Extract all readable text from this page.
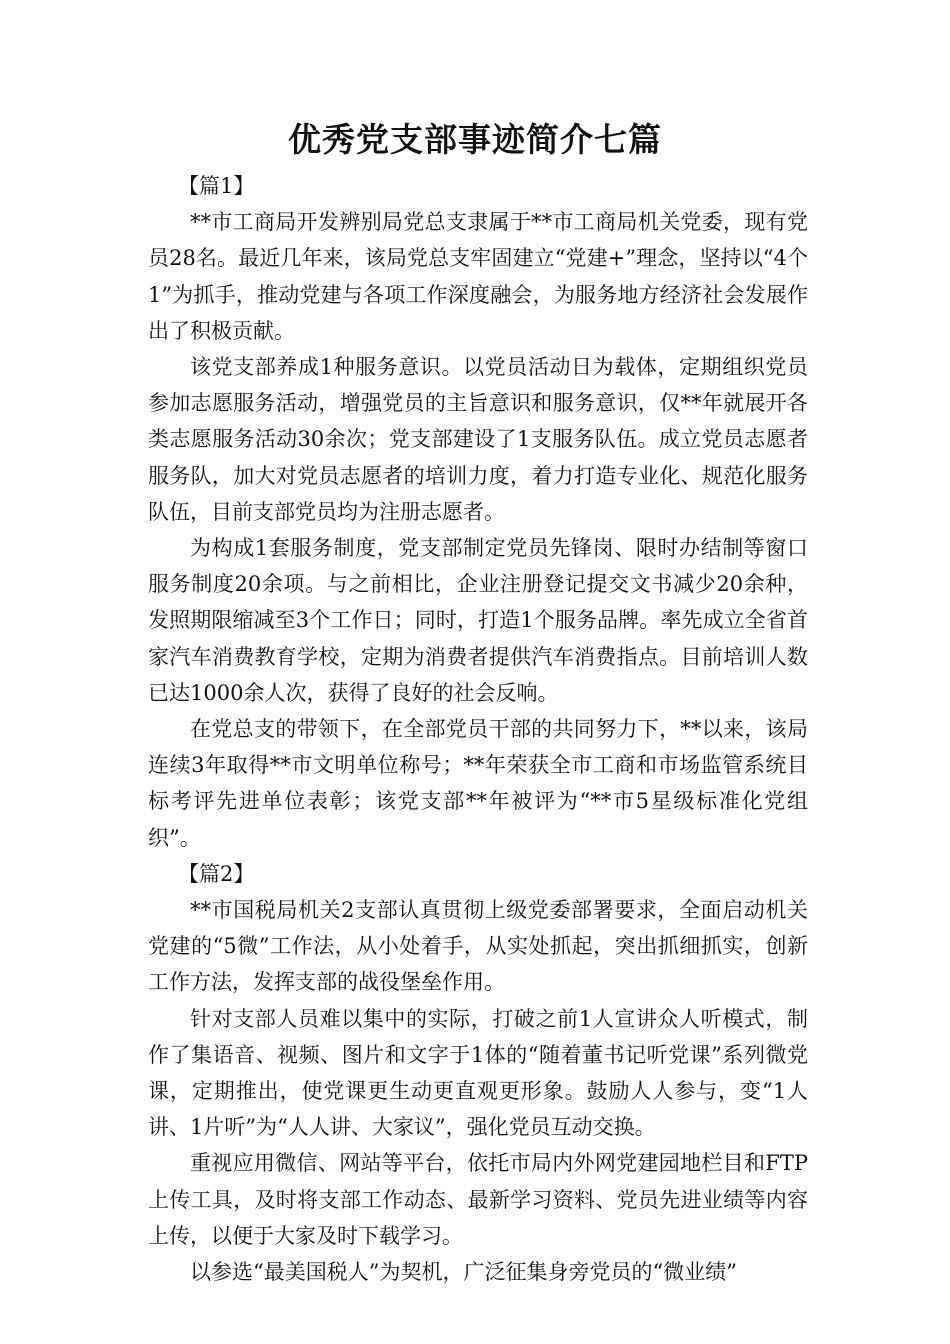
优秀党支部事迹简介七篇

【篇1】

**市工商局开发辨别局党总支隶属于**市工商局机关党委，现有党员28名。最近几年来，该局党总支牢固建立“党建+”理念，坚持以“4个1”为抓手，推动党建与各项工作深度融会，为服务地方经济社会发展作出了积极贡献。

该党支部养成1种服务意识。以党员活动日为载体，定期组织党员参加志愿服务活动，增强党员的主旨意识和服务意识，仅**年就展开各类志愿服务活动30余次；党支部建设了1支服务队伍。成立党员志愿者服务队，加大对党员志愿者的培训力度，着力打造专业化、规范化服务队伍，目前支部党员均为注册志愿者。

为构成1套服务制度，党支部制定党员先锋岗、限时办结制等窗口服务制度20余项。与之前相比，企业注册登记提交文书减少20余种，发照期限缩减至3个工作日；同时，打造1个服务品牌。率先成立全省首家汽车消费教育学校，定期为消费者提供汽车消费指点。目前培训人数已达1000余人次，获得了良好的社会反响。

在党总支的带领下，在全部党员干部的共同努力下，**以来，该局连续3年取得**市文明单位称号；**年荣获全市工商和市场监管系统目标考评先进单位表彰；该党支部**年被评为“**市5星级标准化党组织”。

【篇2】

**市国税局机关2支部认真贯彻上级党委部署要求，全面启动机关党建的“5微”工作法，从小处着手，从实处抓起，突出抓细抓实，创新工作方法，发挥支部的战役堡垒作用。

针对支部人员难以集中的实际，打破之前1人宣讲众人听模式，制作了集语音、视频、图片和文字于1体的“随着董书记听党课”系列微党课，定期推出，使党课更生动更直观更形象。鼓励人人参与，变“1人讲、1片听”为“人人讲、大家议”，强化党员互动交换。

重视应用微信、网站等平台，依托市局内外网党建园地栏目和FTP上传工具，及时将支部工作动态、最新学习资料、党员先进业绩等内容上传，以便于大家及时下载学习。

以参选“最美国税人”为契机，广泛征集身旁党员的“微业绩”
